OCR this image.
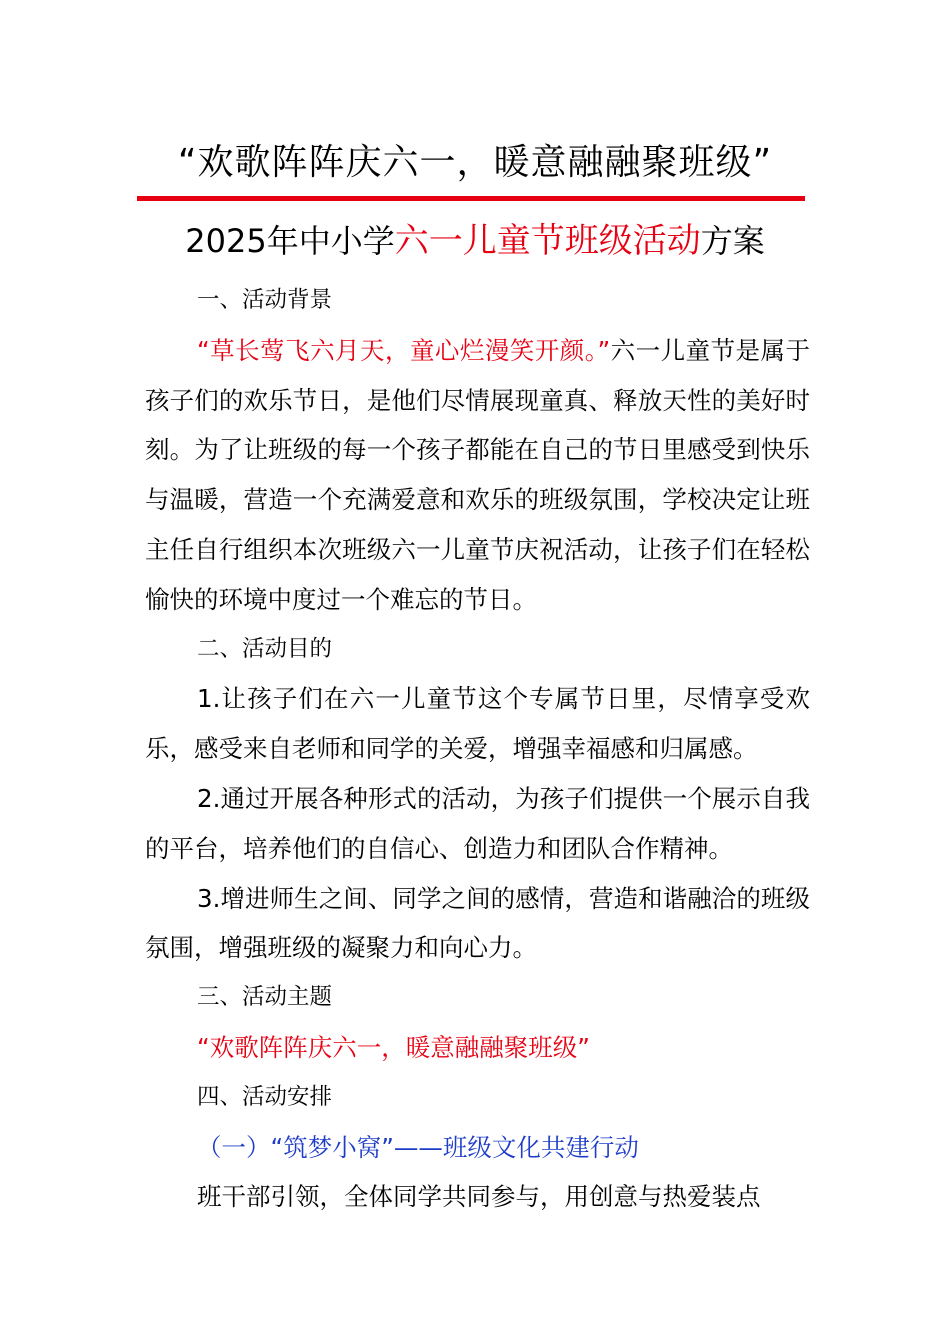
“欢歌阵阵庆六一，暖意融融聚班级”
2025年中小学六一儿童节班级活动方案

一、活动背景

“草长莺飞六月天，童心烂漫笑开颜。”六一儿童节是属于孩子们的欢乐节日，是他们尽情展现童真、释放天性的美好时刻。为了让班级的每一个孩子都能在自己的节日里感受到快乐与温暖，营造一个充满爱意和欢乐的班级氛围，学校决定让班主任自行组织本次班级六一儿童节庆祝活动，让孩子们在轻松愉快的环境中度过一个难忘的节日。

二、活动目的

1.让孩子们在六一儿童节这个专属节日里，尽情享受欢乐，感受来自老师和同学的关爱，增强幸福感和归属感。

2.通过开展各种形式的活动，为孩子们提供一个展示自我的平台，培养他们的自信心、创造力和团队合作精神。

3.增进师生之间、同学之间的感情，营造和谐融洽的班级氛围，增强班级的凝聚力和向心力。

三、活动主题

“欢歌阵阵庆六一，暖意融融聚班级”

四、活动安排

（一）“筑梦小窝”——班级文化共建行动

班干部引领，全体同学共同参与，用创意与热爱装点
